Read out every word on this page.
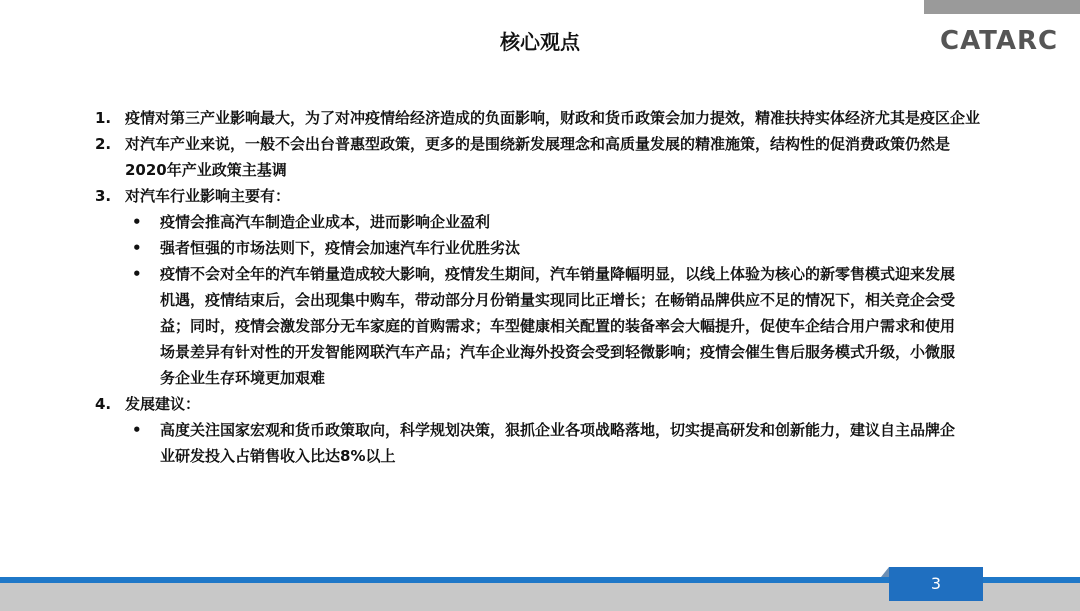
CATARC
核心观点
1. 疫情对第三产业影响最大，为了对冲疫情给经济造成的负面影响，财政和货币政策会加力提效，精准扶持实体经济尤其是疫区企业
2. 对汽车产业来说，一般不会出台普惠型政策，更多的是围绕新发展理念和高质量发展的精准施策，结构性的促消费政策仍然是2020年产业政策主基调
3. 对汽车行业影响主要有：
• 疫情会推高汽车制造企业成本，进而影响企业盈利
• 强者恒强的市场法则下，疫情会加速汽车行业优胜劣汰
• 疫情不会对全年的汽车销量造成较大影响，疫情发生期间，汽车销量降幅明显，以线上体验为核心的新零售模式迎来发展机遇，疫情结束后，会出现集中购车，带动部分月份销量实现同比正增长；在畅销品牌供应不足的情况下，相关竞企会受益；同时，疫情会激发部分无车家庭的首购需求；车型健康相关配置的装备率会大幅提升，促使车企结合用户需求和使用场景差异有针对性的开发智能网联汽车产品；汽车企业海外投资会受到轻微影响；疫情会催生售后服务模式升级，小微服务企业生存环境更加艰难
4. 发展建议：
• 高度关注国家宏观和货币政策取向，科学规划决策，狠抓企业各项战略落地，切实提高研发和创新能力，建议自主品牌企业研发投入占销售收入比达8%以上
3
